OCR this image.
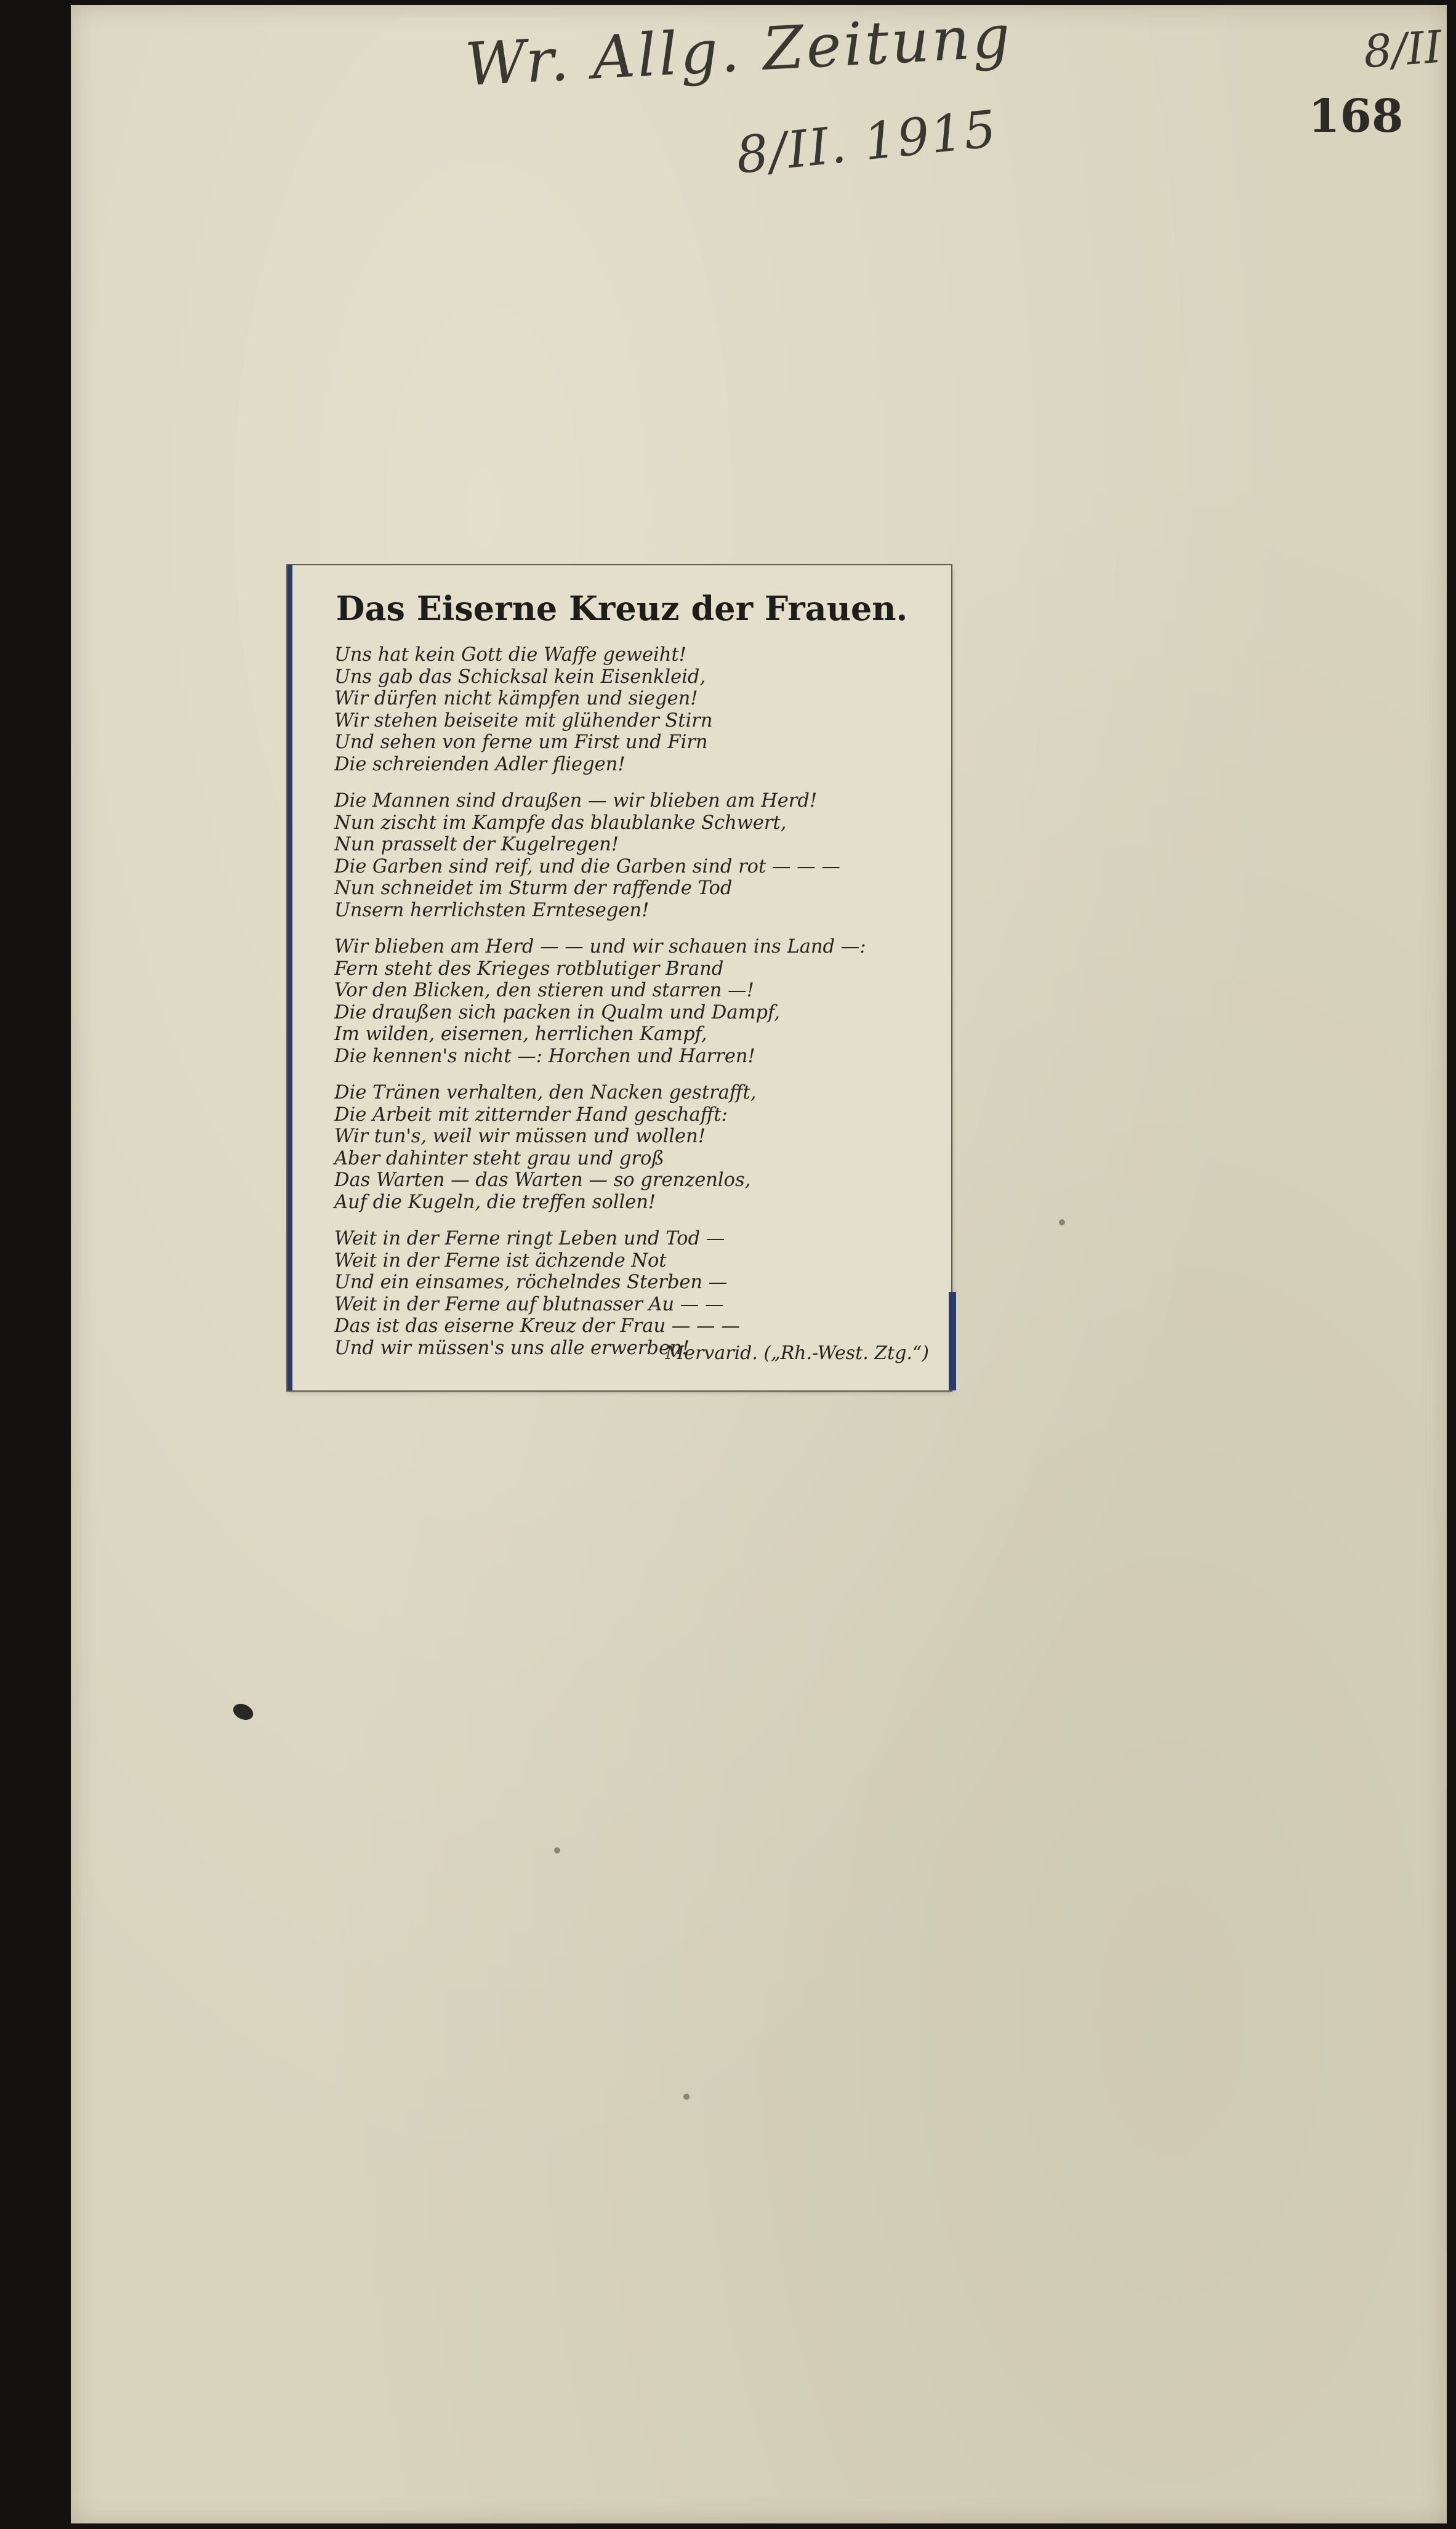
Wr. Allg. Zeitung
8/II. 1915
8/II
168
Das Eiserne Kreuz der Frauen.
Uns hat kein Gott die Waffe geweiht!
Uns gab das Schicksal kein Eisenkleid,
Wir dürfen nicht kämpfen und siegen!
Wir stehen beiseite mit glühender Stirn
Und sehen von ferne um First und Firn
Die schreienden Adler fliegen!
Die Mannen sind draußen — wir blieben am Herd!
Nun zischt im Kampfe das blaublanke Schwert,
Nun prasselt der Kugelregen!
Die Garben sind reif, und die Garben sind rot — — —
Nun schneidet im Sturm der raffende Tod
Unsern herrlichsten Erntesegen!
Wir blieben am Herd — — und wir schauen ins Land —:
Fern steht des Krieges rotblutiger Brand
Vor den Blicken, den stieren und starren —!
Die draußen sich packen in Qualm und Dampf,
Im wilden, eisernen, herrlichen Kampf,
Die kennen's nicht —: Horchen und Harren!
Die Tränen verhalten, den Nacken gestrafft,
Die Arbeit mit zitternder Hand geschafft:
Wir tun's, weil wir müssen und wollen!
Aber dahinter steht grau und groß
Das Warten — das Warten — so grenzenlos,
Auf die Kugeln, die treffen sollen!
Weit in der Ferne ringt Leben und Tod —
Weit in der Ferne ist ächzende Not
Und ein einsames, röchelndes Sterben —
Weit in der Ferne auf blutnasser Au — —
Das ist das eiserne Kreuz der Frau — — —
Und wir müssen's uns alle erwerben!
Mervarid. („Rh.-West. Ztg.“)
